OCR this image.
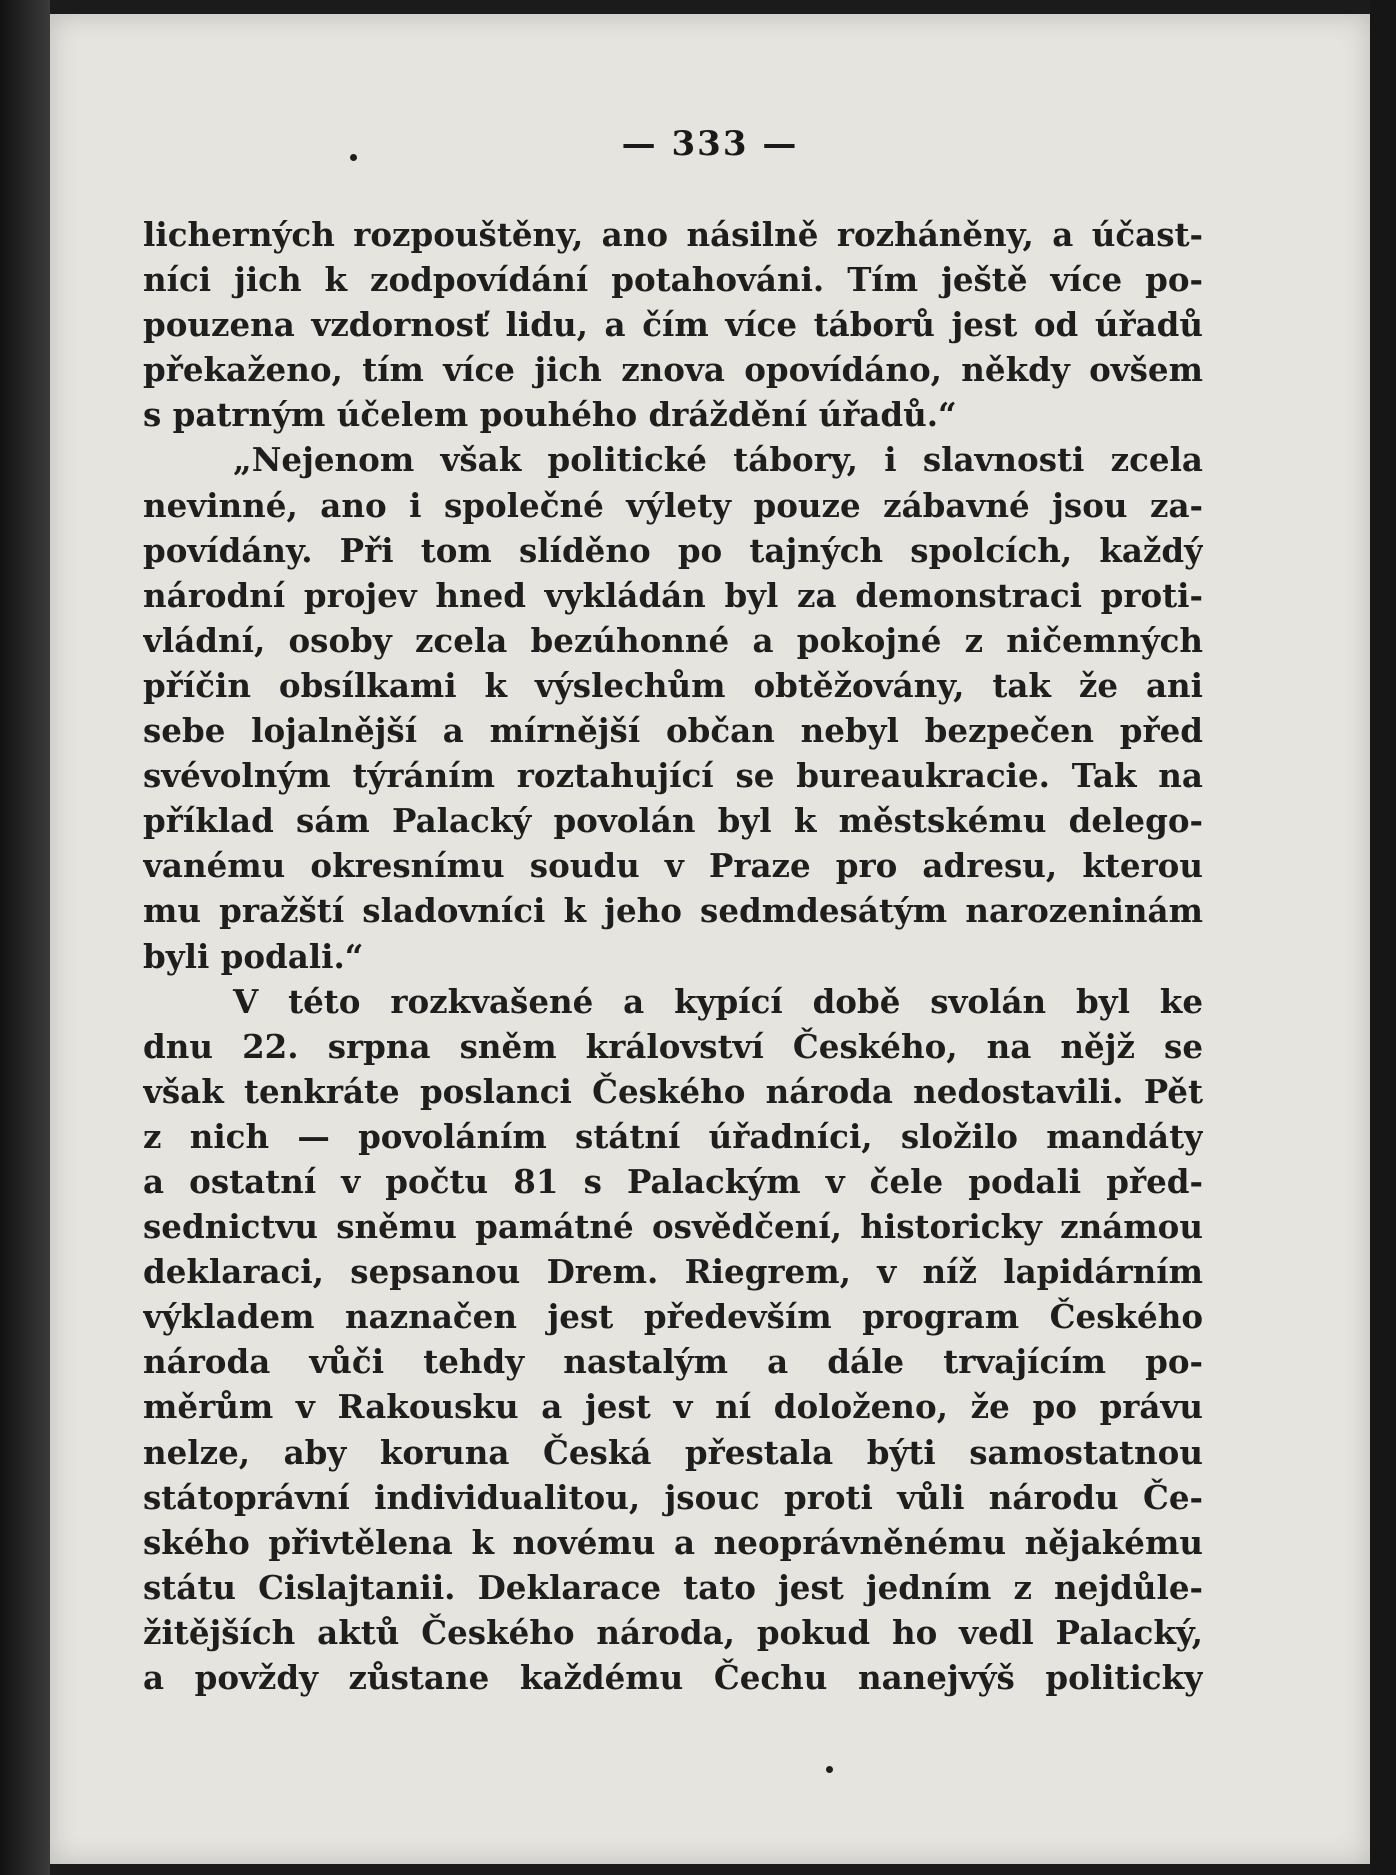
— 333 —
licherných rozpouštěny, ano násilně rozháněny, a účast-
níci jich k zodpovídání potahováni. Tím ještě více po-
pouzena vzdornosť lidu, a čím více táborů jest od úřadů
překaženo, tím více jich znova opovídáno, někdy ovšem
s patrným účelem pouhého dráždění úřadů.“
„Nejenom však politické tábory, i slavnosti zcela
nevinné, ano i společné výlety pouze zábavné jsou za-
povídány. Při tom slíděno po tajných spolcích, každý
národní projev hned vykládán byl za demonstraci proti-
vládní, osoby zcela bezúhonné a pokojné z ničemných
příčin obsílkami k výslechům obtěžovány, tak že ani
sebe lojalnější a mírnější občan nebyl bezpečen před
svévolným týráním roztahující se bureaukracie. Tak na
příklad sám Palacký povolán byl k městskému delego-
vanému okresnímu soudu v Praze pro adresu, kterou
mu pražští sladovníci k jeho sedmdesátým narozeninám
byli podali.“
V této rozkvašené a kypící době svolán byl ke
dnu 22. srpna sněm království Českého, na nějž se
však tenkráte poslanci Českého národa nedostavili. Pět
z nich — povoláním státní úřadníci, složilo mandáty
a ostatní v počtu 81 s Palackým v čele podali před-
sednictvu sněmu památné osvědčení, historicky známou
deklaraci, sepsanou Drem. Riegrem, v níž lapidárním
výkladem naznačen jest především program Českého
národa vůči tehdy nastalým a dále trvajícím po-
měrům v Rakousku a jest v ní doloženo, že po právu
nelze, aby koruna Česká přestala býti samostatnou
státoprávní individualitou, jsouc proti vůli národu Če-
ského přivtělena k novému a neoprávněnému nějakému
státu Cislajtanii. Deklarace tato jest jedním z nejdůle-
žitějších aktů Českého národa, pokud ho vedl Palacký,
a povždy zůstane každému Čechu nanejvýš politicky
